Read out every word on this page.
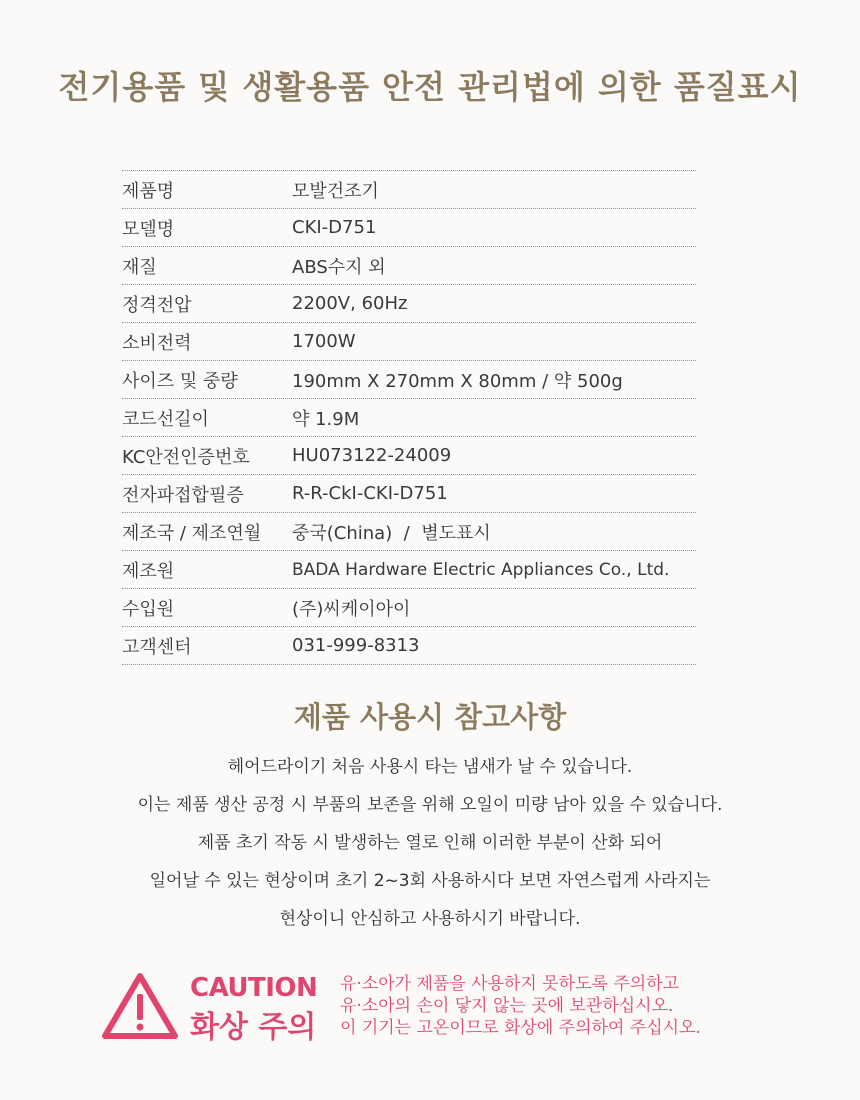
전기용품 및 생활용품 안전 관리법에 의한 품질표시
제품명	모발건조기
모델명	CKI-D751
재질	ABS수지 외
정격전압	2200V, 60Hz
소비전력	1700W
사이즈 및 중량	190mm X 270mm X 80mm / 약 500g
코드선길이	약 1.9M
KC안전인증번호	HU073122-24009
전자파접합필증	R-R-CkI-CKI-D751
제조국 / 제조연월	중국(China)  /  별도표시
제조원	BADA Hardware Electric Appliances Co., Ltd.
수입원	(주)씨케이아이
고객센터	031-999-8313
제품 사용시 참고사항
헤어드라이기 처음 사용시 타는 냄새가 날 수 있습니다.
이는 제품 생산 공정 시 부품의 보존을 위해 오일이 미량 남아 있을 수 있습니다.
제품 초기 작동 시 발생하는 열로 인해 이러한 부분이 산화 되어
일어날 수 있는 현상이며 초기 2~3회 사용하시다 보면 자연스럽게 사라지는
현상이니 안심하고 사용하시기 바랍니다.
CAUTION
화상 주의
유·소아가 제품을 사용하지 못하도록 주의하고
유·소아의 손이 닿지 않는 곳에 보관하십시오.
이 기기는 고온이므로 화상에 주의하여 주십시오.
